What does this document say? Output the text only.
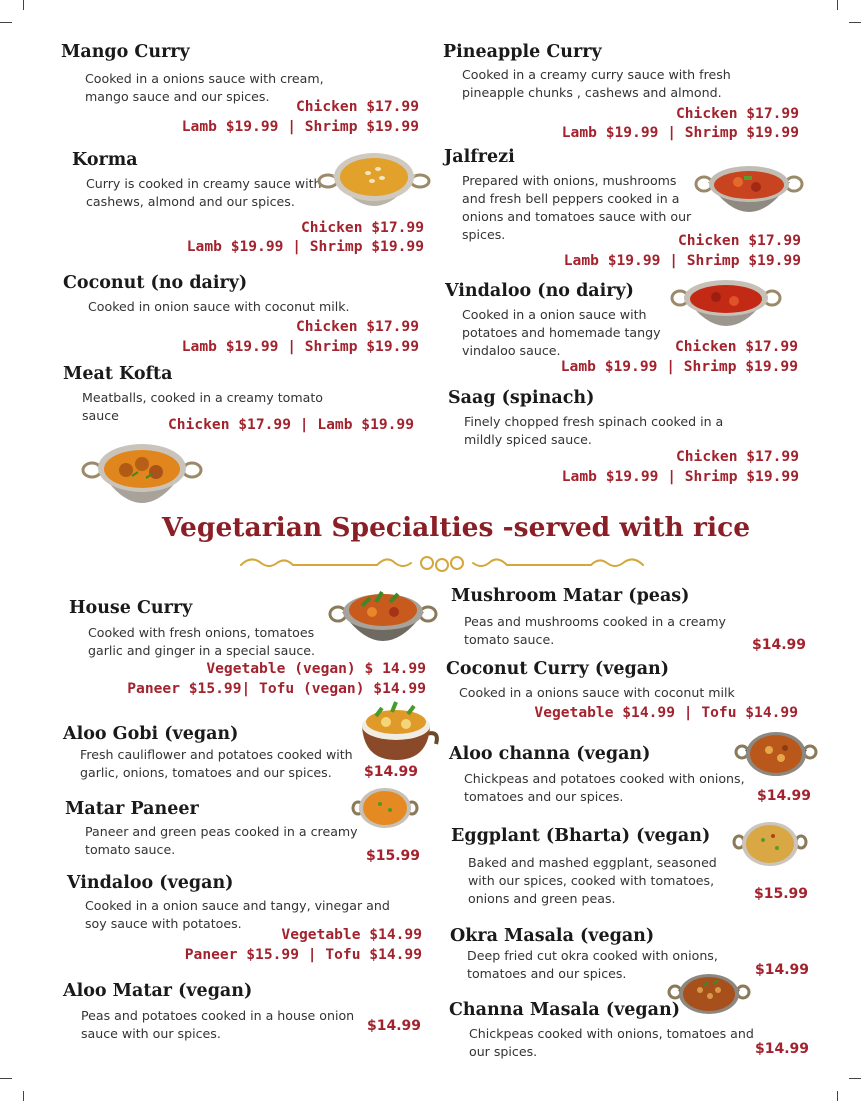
Mango Curry

Cooked in a onions sauce with cream,
mango sauce and our spices.

Chicken $17.99
Lamb $19.99 | Shrimp $19.99
Korma

Curry is cooked in creamy sauce with
cashews, almond and our spices.

Chicken $17.99
Lamb $19.99 | Shrimp $19.99
Coconut (no dairy)

Cooked in onion sauce with coconut milk.

Chicken $17.99
Lamb $19.99 | Shrimp $19.99
Meat Kofta

Meatballs, cooked in a creamy tomato
sauce

Chicken $17.99 | Lamb $19.99
Pineapple Curry

Cooked in a creamy curry sauce with fresh
pineapple chunks , cashews and almond.

Chicken $17.99
Lamb $19.99 | Shrimp $19.99
Jalfrezi

Prepared with onions, mushrooms
and fresh bell peppers cooked in a
onions and tomatoes sauce with our
spices.	Chicken $17.99
Lamb $19.99 | Shrimp $19.99
Vindaloo (no dairy)

Cooked in a onion sauce with
potatoes and homemade tangy
vindaloo sauce.	Chicken $17.99
Lamb $19.99 | Shrimp $19.99
Saag (spinach)

Finely chopped fresh spinach cooked in a
mildly spiced sauce.

Chicken $17.99
Lamb $19.99 | Shrimp $19.99
Vegetarian Specialties -served with rice
House Curry

Cooked with fresh onions, tomatoes
garlic and ginger in a special sauce.

Vegetable (vegan) $ 14.99
Paneer $15.99| Tofu (vegan) $14.99
Aloo Gobi (vegan)

Fresh cauliflower and potatoes cooked with
garlic, onions, tomatoes and our spices.	$14.99
Matar Paneer

Paneer and green peas cooked in a creamy
tomato sauce.	$15.99
Vindaloo (vegan)

Cooked in a onion sauce and tangy, vinegar and
soy sauce with potatoes.

Vegetable $14.99
Paneer $15.99 | Tofu $14.99
Aloo Matar (vegan)

Peas and potatoes cooked in a house onion
sauce with our spices.	$14.99
Mushroom Matar (peas)

Peas and mushrooms cooked in a creamy
tomato sauce.	$14.99
Coconut Curry (vegan)

Cooked in a onions sauce with coconut milk

Vegetable $14.99 | Tofu $14.99
Aloo channa (vegan)

Chickpeas and potatoes cooked with onions,
tomatoes and our spices.	$14.99
Eggplant (Bharta) (vegan)

Baked and mashed eggplant, seasoned
with our spices, cooked with tomatoes,
onions and green peas.	$15.99
Okra Masala (vegan)

Deep fried cut okra cooked with onions,
tomatoes and our spices.	$14.99
Channa Masala (vegan)

Chickpeas cooked with onions, tomatoes and
our spices.	$14.99
